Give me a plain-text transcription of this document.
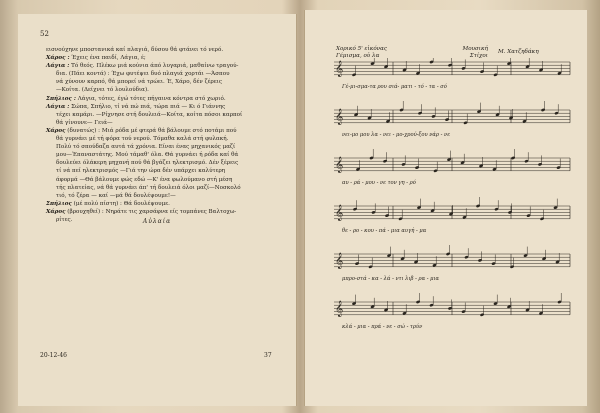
52

εισνούχηνε μποστανικά καί πλαγιά, δύσου θά φτάνει τό νερό.

Χάρος : Έχεις ένα παιδί, Λάγια, έ;

Λάγια : Τό θεός. Πλέκω μιά κούνια άπό λυγαριά, μαθαίνω τραγού-

δια. (Πάει κοντά) : Έχω φυτέψει δυό πλαγιά χορτάι —Άσπου

νά χύνουν καρπό, θά μπορεί νά τρώει. Έ, Χάρο, δέν ζέρεις

—Κοίτα. (Δείχνει τό λουλούδια).

Σπήλιος : Λάγια, τότες, έγώ τότες πήγαινα κόντρα στό χωριό.

Λάγια : Σώπα, Σπήλιο, τί νά πώ πιά, τώρα πιά — Κι ό Γιάννης

τέχει καμάρι. —Ρίχνησε στή δουλειά—Κοίτα, κοίτα πόσοι καρποί

θά γίνουνε— Γειά—

Χάρος (δυνατώς) : Μιά ρόδα μέ φτερά θά βάλουμε στό ποτάμι πού

θά γυρνάει μέ τή φόρα τού νερού. Τόμαθα καλά στή φυλακή.

Πολύ τό σπούδαζα αυτά τά χρόνια. Είναι ένας μηχανικός μαζί

μου—Έπαναστάτης. Μού τάμαθ' όλα. Θά γυρνάει ή ρόδα καί θά

δουλεύει όλάκερη μηχανή πού θά βγάζει ηλεκτρισμό. Δέν ξέρεις

τί νά πεί ηλεκτρισμός —Γιά την ώρα δέν υπάρχει καλύτερη

άφορμά —Θά βάλουμε φώς εδώ —Κ' ένα φωλούμανο στή μέση

τής πλατείας, νά θά γυρνάει άπ' τή δουλειά όλοι μαζί—Νοσκολό

τιό, τό ζέρα — καί —μά θά δουλέψουμε!—

Σπήλιος (μέ πολύ πίστη) : Θά δουλέψουμε.

Χάρος (βρουχηθεί) : Νηράτε τις χαρσάφνα είς τομπάνες Βαλτοχω-

ρίτες.	Αὐλαία
20-12-46	37
Χορικό 5' εἰκόνας
Γέμισμα, οὐ λα
Μουσική
Στίχοι
Μ. Χατζηδάκη
𝄞
Γέ-μι-σμα-τα ρου σιά- ματι - τό - τα - σό
𝄞
νει-μο μου λα - νει - μο-χρού-ξου νάρ - νε
𝄞
αυ - ρά - μου - νε τον γη - ρό
𝄞
θε - ρο - κου - πά - μια αυγή - μα
𝄞
μπρο-στά - κα - λά - ντι λιβ - ρα - μια
𝄞
κλά - μια - πρά - νε - σώ - τρύν
